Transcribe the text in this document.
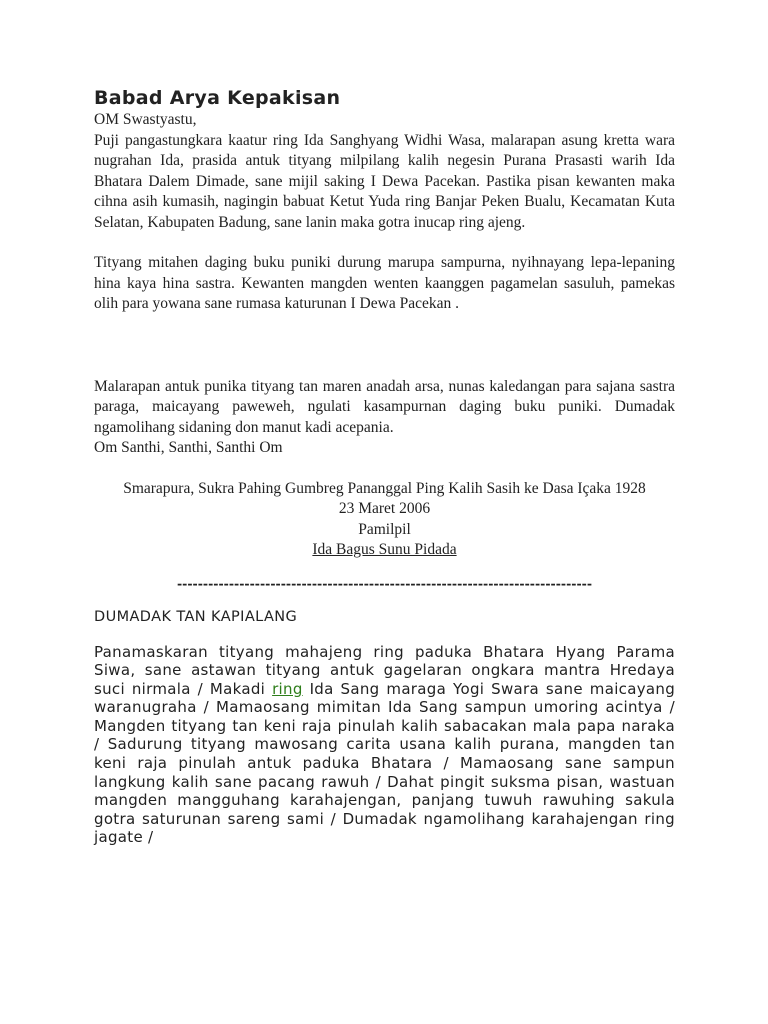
Babad Arya Kepakisan

OM Swastyastu,

Puji pangastungkara kaatur ring Ida Sanghyang Widhi Wasa, malarapan asung kretta wara nugrahan Ida, prasida antuk tityang milpilang kalih negesin Purana Prasasti warih Ida Bhatara Dalem Dimade, sane mijil saking I Dewa Pacekan. Pastika pisan kewanten maka cihna asih kumasih, nagingin babuat Ketut Yuda ring Banjar Peken Bualu, Kecamatan Kuta Selatan, Kabupaten Badung, sane lanin maka gotra inucap ring ajeng.

Tityang mitahen daging buku puniki durung marupa sampurna, nyihnayang lepa-lepaning hina kaya hina sastra. Kewanten mangden wenten kaanggen pagamelan sasuluh, pamekas olih para yowana sane rumasa katurunan I Dewa Pacekan .

Malarapan antuk punika tityang tan maren anadah arsa, nunas kaledangan para sajana sastra paraga, maicayang paweweh, ngulati kasampurnan daging buku puniki. Dumadak ngamolihang sidaning don manut kadi acepania.

Om Santhi, Santhi, Santhi Om

Smarapura, Sukra Pahing Gumbreg Pananggal Ping Kalih Sasih ke Dasa Içaka 1928

23 Maret 2006

Pamilpil

Ida Bagus Sunu Pidada

--------------------------------------------------------------------------------
DUMADAK TAN KAPIALANG

Panamaskaran tityang mahajeng ring paduka Bhatara Hyang Parama Siwa, sane astawan tityang antuk gagelaran ongkara mantra Hredaya suci nirmala / Makadi ring Ida Sang maraga Yogi Swara sane maicayang waranugraha / Mamaosang mimitan Ida Sang sampun umoring acintya / Mangden tityang tan keni raja pinulah kalih sabacakan mala papa naraka / Sadurung tityang mawosang carita usana kalih purana, mangden tan keni raja pinulah antuk paduka Bhatara / Mamaosang sane sampun langkung kalih sane pacang rawuh / Dahat pingit suksma pisan, wastuan mangden mangguhang karahajengan, panjang tuwuh rawuhing sakula gotra saturunan sareng sami / Dumadak ngamolihang karahajengan ring jagate /
